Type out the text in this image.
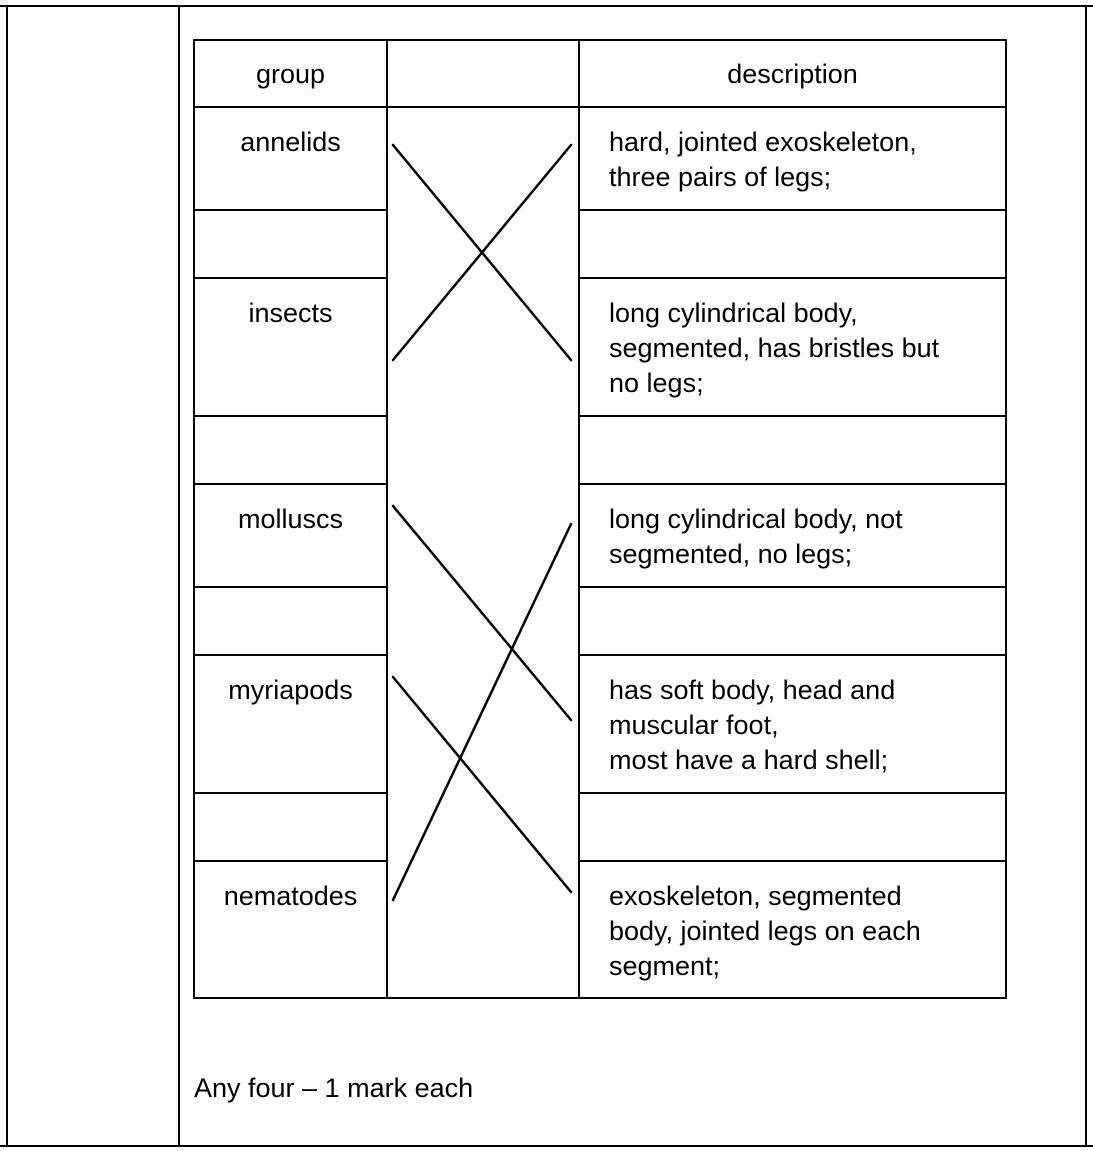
group	description
annelids
insects
molluscs
myriapods
nematodes
hard, jointed exoskeleton,
three pairs of legs;
long cylindrical body,
segmented, has bristles but
no legs;
long cylindrical body, not
segmented, no legs;
has soft body, head and
muscular foot,
most have a hard shell;
exoskeleton, segmented
body, jointed legs on each
segment;
Any four – 1 mark each
